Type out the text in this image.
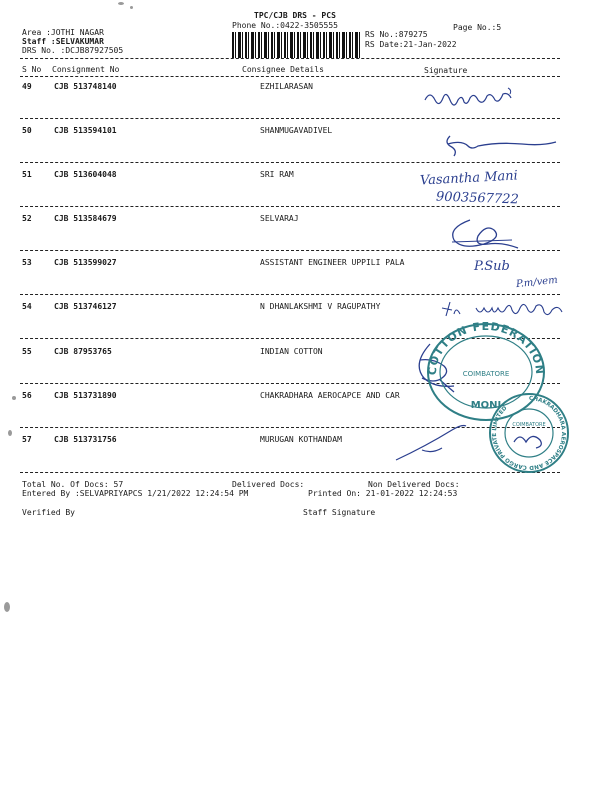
TPC/CJB DRS - PCS
Phone No.:0422-3505555	Page No.:5
Area :JOTHI NAGAR
Staff :SELVAKUMAR
DRS No. :DCJB87927505
RS No.:879275
RS Date:21-Jan-2022
S No Consignment No	Consignee Details	Signature
49	CJB 513748140	EZHILARASAN
50	CJB 513594101	SHANMUGAVADIVEL
51	CJB 513604048	SRI RAM
52	CJB 513584679	SELVARAJ
53	CJB 513599027	ASSISTANT ENGINEER UPPILI PALA
54	CJB 513746127	N DHANLAKSHMI V RAGUPATHY
55	CJB 87953765	INDIAN COTTON
56	CJB 513731890	CHAKRADHARA AEROCAPCE AND CAR
57	CJB 513731756	MURUGAN KOTHANDAM
Vasantha Mani
9003567722
P.Sub
P.m/vem
COTTON FEDERATION
COIMBATORE
MONI
CHAKRADHARA AEROSPACE AND CARGO PRIVATE LIMITED
COIMBATORE
Total No. Of Docs: 57	Delivered Docs:	Non Delivered Docs:
Entered By :SELVAPRIYAPCS 1/21/2022 12:24:54 PM	Printed On: 21-01-2022 12:24:53
Verified By	Staff Signature
